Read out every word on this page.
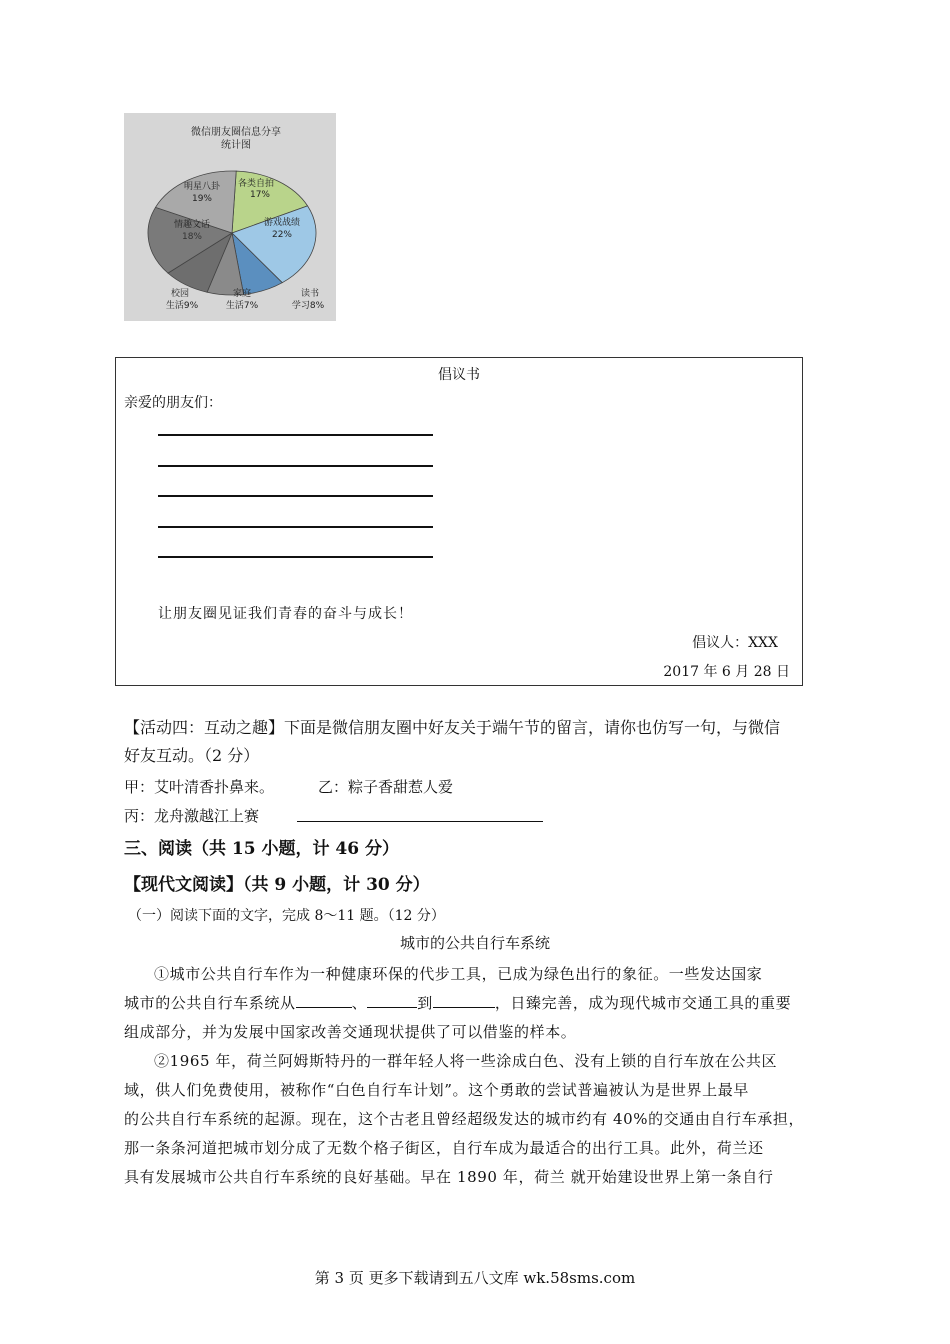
微信朋友圈信息分享
统计图
各类自拍
17%
游戏战绩
22%
明星八卦
19%
情趣文话
18%
校园
生活9%
家庭
生活7%
读书
学习8%
倡议书
亲爱的朋友们：
让朋友圈见证我们青春的奋斗与成长！
倡议人：XXX
2017 年 6 月 28 日
【活动四：互动之趣】下面是微信朋友圈中好友关于端午节的留言，请你也仿写一句，与微信
好友互动。（2 分）
甲：艾叶清香扑鼻来。	乙：粽子香甜惹人爱
丙：龙舟激越江上赛
三、阅读（共 15 小题，计 46 分）
【现代文阅读】（共 9 小题，计 30 分）
（一）阅读下面的文字，完成 8～11 题。（12 分）
城市的公共自行车系统
①城市公共自行车作为一种健康环保的代步工具，已成为绿色出行的象征。一些发达国家
城市的公共自行车系统从	、	到	，日臻完善，成为现代城市交通工具的重要
组成部分，并为发展中国家改善交通现状提供了可以借鉴的样本。
②1965 年，荷兰阿姆斯特丹的一群年轻人将一些涂成白色、没有上锁的自行车放在公共区
域，供人们免费使用，被称作“白色自行车计划”。这个勇敢的尝试普遍被认为是世界上最早
的公共自行车系统的起源。现在，这个古老且曾经超级发达的城市约有 40%的交通由自行车承担，
那一条条河道把城市划分成了无数个格子街区，自行车成为最适合的出行工具。此外，荷兰还
具有发展城市公共自行车系统的良好基础。早在 1890 年，荷兰 就开始建设世界上第一条自行
第 3 页 更多下载请到五八文库 wk.58sms.com
